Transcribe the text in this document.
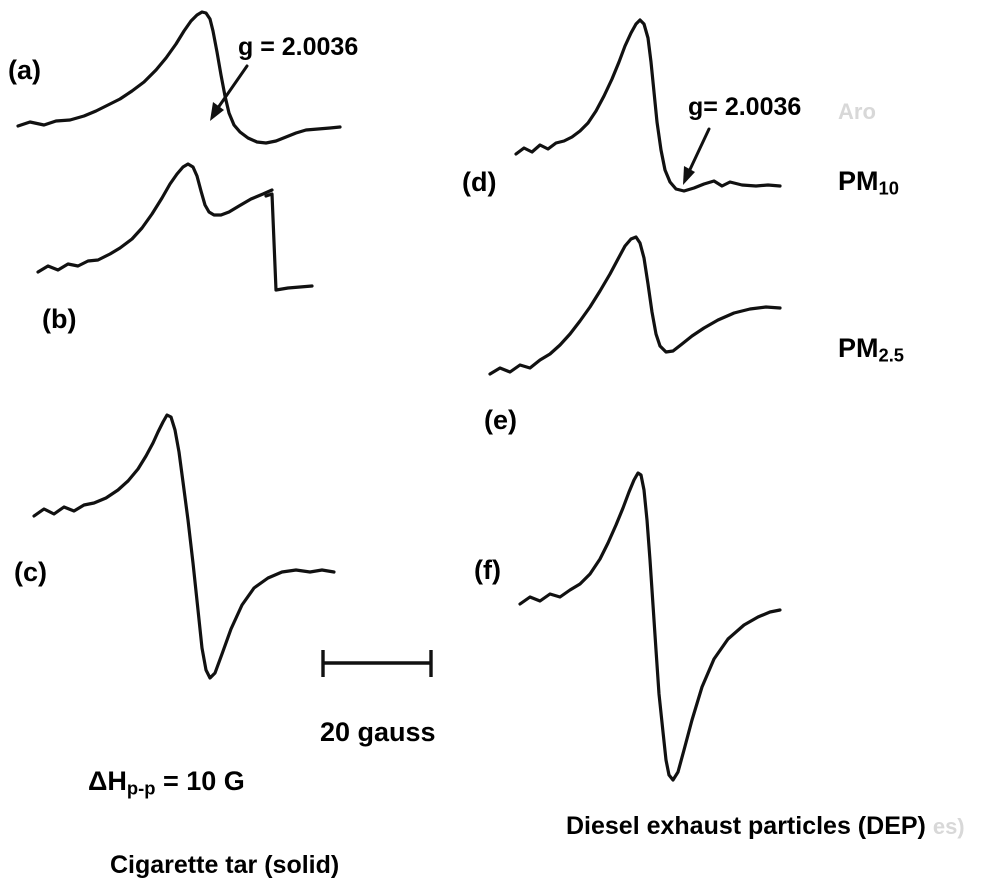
(a)
(b)
(c)
(d)
(e)
(f)
g = 2.0036
g= 2.0036 Aro
$PM_{10}$
$PM_{2.5}$
20 gauss
$\Delta H_{p-p} = 10$ G
Diesel exhaust particles (DEP) es)
Cigarette tar (solid)
